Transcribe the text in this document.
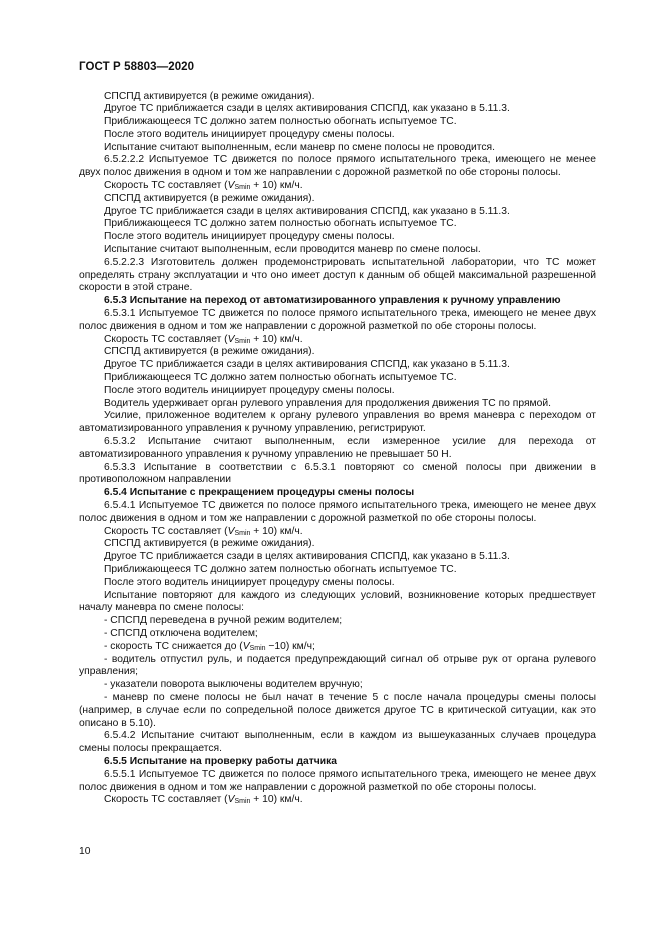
ГОСТ Р 58803—2020

СПСПД активируется (в режиме ожидания).

Другое ТС приближается сзади в целях активирования СПСПД, как указано в 5.11.3.

Приближающееся ТС должно затем полностью обогнать испытуемое ТС.

После этого водитель инициирует процедуру смены полосы.

Испытание считают выполненным, если маневр по смене полосы не проводится.

6.5.2.2.2 Испытуемое ТС движется по полосе прямого испытательного трека, имеющего не менее двух полос движения в одном и том же направлении с дорожной разметкой по обе стороны полосы.

Скорость ТС составляет $(V_{Smin} + 10)$ км/ч.

СПСПД активируется (в режиме ожидания).

Другое ТС приближается сзади в целях активирования СПСПД, как указано в 5.11.3.

Приближающееся ТС должно затем полностью обогнать испытуемое ТС.

После этого водитель инициирует процедуру смены полосы.

Испытание считают выполненным, если проводится маневр по смене полосы.

6.5.2.2.3 Изготовитель должен продемонстрировать испытательной лаборатории, что ТС может определять страну эксплуатации и что оно имеет доступ к данным об общей максимальной разрешенной скорости в этой стране.

6.5.3 Испытание на переход от автоматизированного управления к ручному управлению

6.5.3.1 Испытуемое ТС движется по полосе прямого испытательного трека, имеющего не менее двух полос движения в одном и том же направлении с дорожной разметкой по обе стороны полосы.

Скорость ТС составляет $(V_{Smin} + 10)$ км/ч.

СПСПД активируется (в режиме ожидания).

Другое ТС приближается сзади в целях активирования СПСПД, как указано в 5.11.3.

Приближающееся ТС должно затем полностью обогнать испытуемое ТС.

После этого водитель инициирует процедуру смены полосы.

Водитель удерживает орган рулевого управления для продолжения движения ТС по прямой.

Усилие, приложенное водителем к органу рулевого управления во время маневра с переходом от автоматизированного управления к ручному управлению, регистрируют.

6.5.3.2 Испытание считают выполненным, если измеренное усилие для перехода от автоматизированного управления к ручному управлению не превышает 50 Н.

6.5.3.3 Испытание в соответствии с 6.5.3.1 повторяют со сменой полосы при движении в противоположном направлении

6.5.4 Испытание с прекращением процедуры смены полосы

6.5.4.1 Испытуемое ТС движется по полосе прямого испытательного трека, имеющего не менее двух полос движения в одном и том же направлении с дорожной разметкой по обе стороны полосы.

Скорость ТС составляет $(V_{Smin} + 10)$ км/ч.

СПСПД активируется (в режиме ожидания).

Другое ТС приближается сзади в целях активирования СПСПД, как указано в 5.11.3.

Приближающееся ТС должно затем полностью обогнать испытуемое ТС.

После этого водитель инициирует процедуру смены полосы.

Испытание повторяют для каждого из следующих условий, возникновение которых предшествует началу маневра по смене полосы:

- СПСПД переведена в ручной режим водителем;

- СПСПД отключена водителем;

- скорость ТС снижается до $(V_{Smin} -10)$ км/ч;

- водитель отпустил руль, и подается предупреждающий сигнал об отрыве рук от органа рулевого управления;

- указатели поворота выключены водителем вручную;

- маневр по смене полосы не был начат в течение 5 с после начала процедуры смены полосы (например, в случае если по сопредельной полосе движется другое ТС в критической ситуации, как это описано в 5.10).

6.5.4.2 Испытание считают выполненным, если в каждом из вышеуказанных случаев процедура смены полосы прекращается.

6.5.5 Испытание на проверку работы датчика

6.5.5.1 Испытуемое ТС движется по полосе прямого испытательного трека, имеющего не менее двух полос движения в одном и том же направлении с дорожной разметкой по обе стороны полосы.

Скорость ТС составляет $(V_{Smin} + 10)$ км/ч.

10
